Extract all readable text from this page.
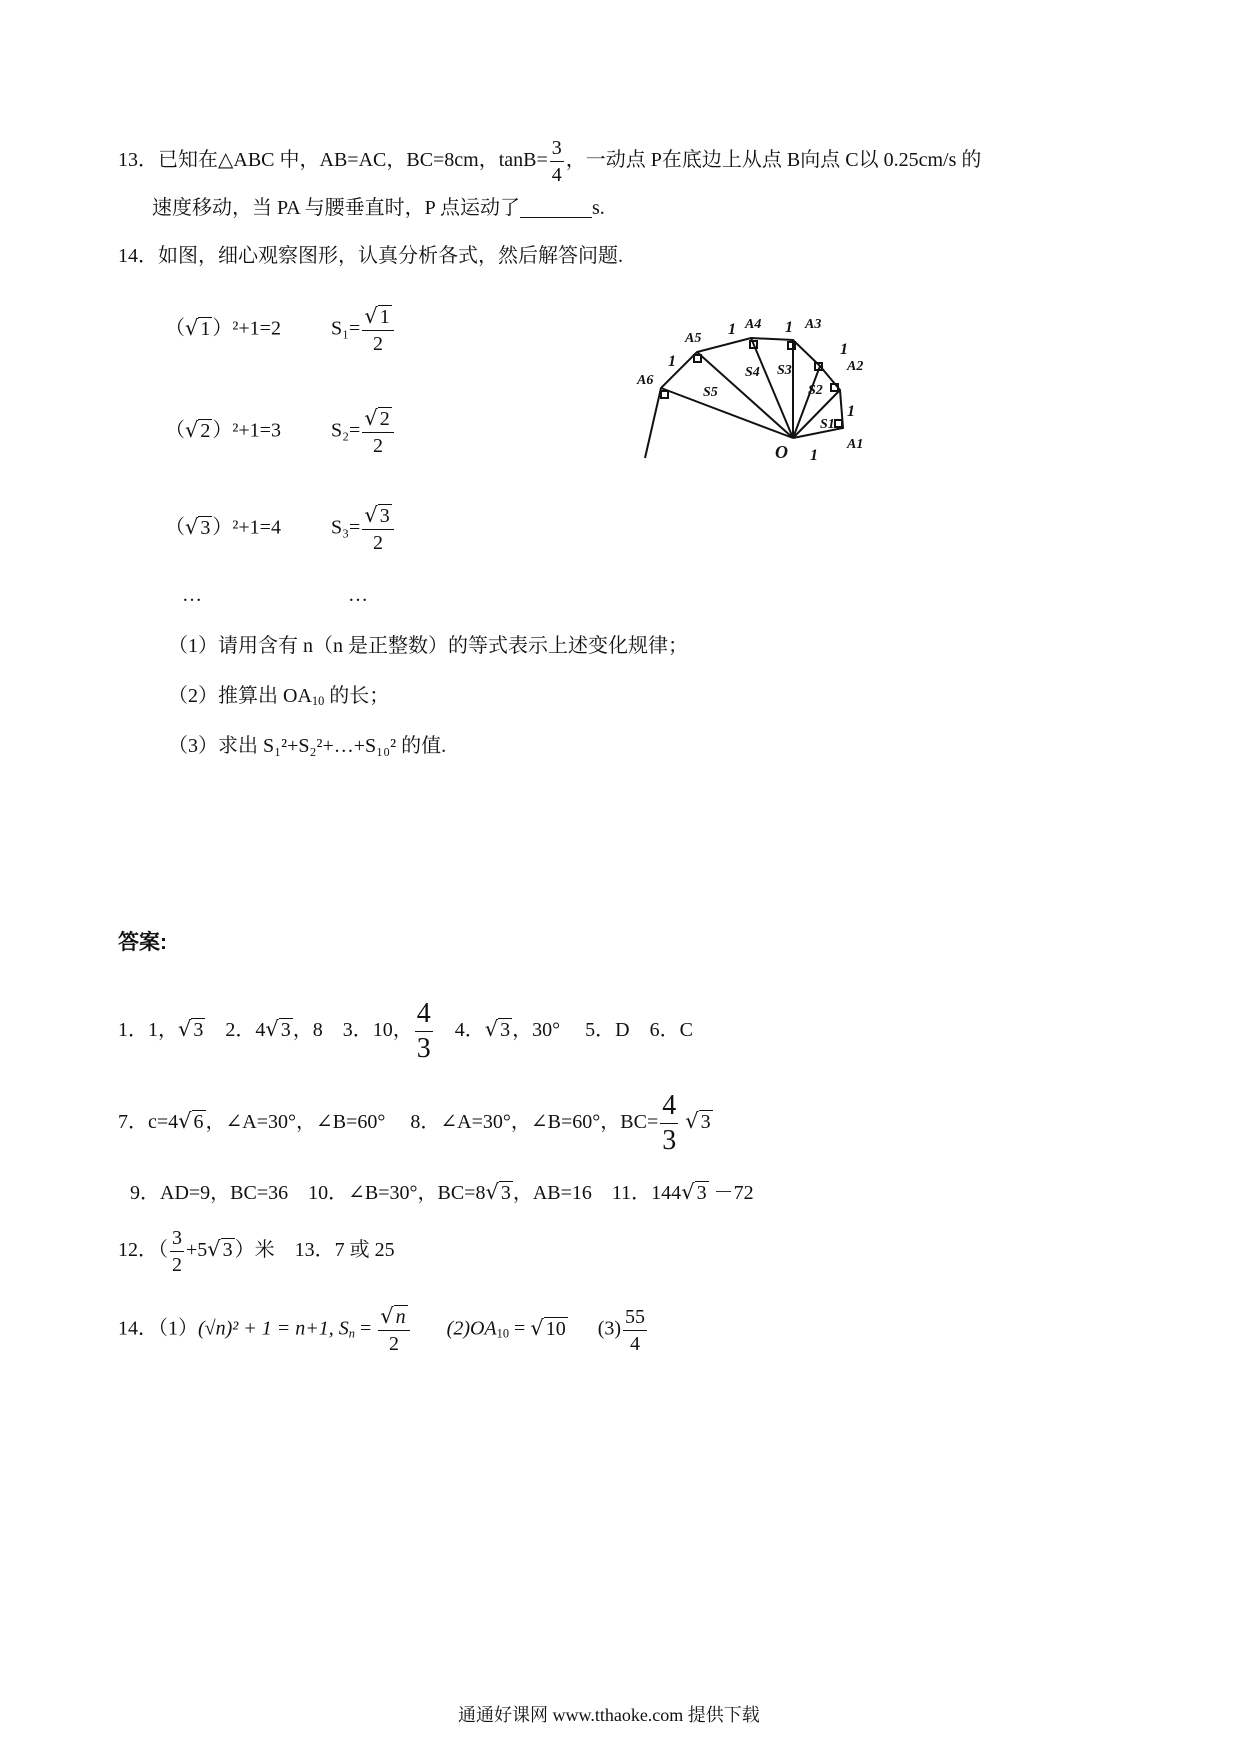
13．已知在△ABC 中，AB=AC，BC=8cm，$\tan B= \frac{3}{4}$ ，一动点 P在底边上从点 B向点 C以 0.25cm/s 的
速度移动，当 PA 与腰垂直时，P 点运动了	s.
14．如图，细心观察图形，认真分析各式，然后解答问题.
（√ 1 ）²+1=2	$S_1= \frac{√ 1}{2}$
（√ 2 ）²+1=3	$S_2= \frac{√ 2}{2}$
（√ 3 ）²+1=4	$S_3= \frac{√ 3}{2}$
…	…
（1）请用含有 n（n 是正整数）的等式表示上述变化规律；
（2）推算出 $OA_{10}$ 的长；
（3）求出 S₁²+S₂²+…+S₁₀² 的值.
O	A1
A2
A3
A4
A5
A6
S1
S2
S3
S4
S5
1
1
1
1
1
1
答案:
1．1，√ 3 2．4√ 3 ，8 3．10， $\frac{4}{3} 4$．√ 3 ，30° 5．D 6．C
7．c=4√ 6 ，∠A=30°，∠B=60° 8．∠A=30°，∠B=60°，$BC= \frac{4}{3}$ √ 3
9．AD=9，BC=36 10．∠B=30°，BC=8√ 3 ，AB=16 11．144√ 3 －72
12．（ $\frac{3}{2} +5√$ 3 ）米 13．7 或 25
14．（1）(√n)² + 1 = n+1, $S_n = \frac{√ n}{2} (2)OA_{10}$ = √ 10 $(3) \frac{55}{4}$
通通好课网 www.tthaoke.com 提供下载
